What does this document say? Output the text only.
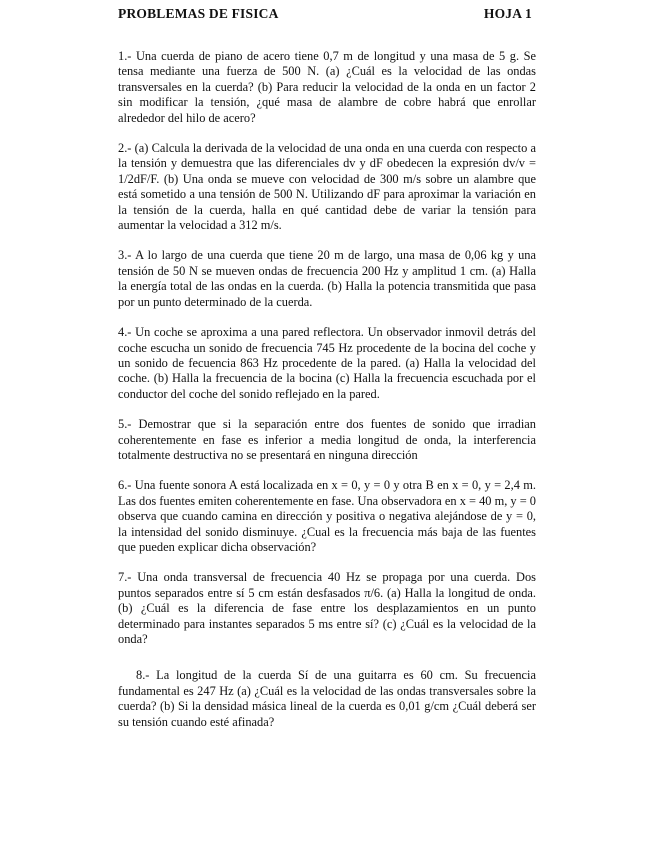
PROBLEMAS DE FISICA	HOJA 1

1.- Una cuerda de piano de acero tiene 0,7 m de longitud y una masa de 5 g. Se tensa mediante una fuerza de 500 N. (a) ¿Cuál es la velocidad de las ondas transversales en la cuerda? (b) Para reducir la velocidad de la onda en un factor 2 sin modificar la tensión, ¿qué masa de alambre de cobre habrá que enrollar alrededor del hilo de acero?

2.- (a) Calcula la derivada de la velocidad de una onda en una cuerda con respecto a la tensión y demuestra que las diferenciales dv y dF obedecen la expresión dv/v = 1/2dF/F. (b) Una onda se mueve con velocidad de 300 m/s sobre un alambre que está sometido a una tensión de 500 N. Utilizando dF para aproximar la variación en la tensión de la cuerda, halla en qué cantidad debe de variar la tensión para aumentar la velocidad a 312 m/s.

3.- A lo largo de una cuerda que tiene 20 m de largo, una masa de 0,06 kg y una tensión de 50 N se mueven ondas de frecuencia 200 Hz y amplitud 1 cm. (a) Halla la energía total de las ondas en la cuerda. (b) Halla la potencia transmitida que pasa por un punto determinado de la cuerda.

4.- Un coche se aproxima a una pared reflectora. Un observador inmovil detrás del coche escucha un sonido de frecuencia 745 Hz procedente de la bocina del coche y un sonido de fecuencia 863 Hz procedente de la pared. (a) Halla la velocidad del coche. (b) Halla la frecuencia de la bocina (c) Halla la frecuencia escuchada por el conductor del coche del sonido reflejado en la pared.

5.- Demostrar que si la separación entre dos fuentes de sonido que irradian coherentemente en fase es inferior a media longitud de onda, la interferencia totalmente destructiva no se presentará en ninguna dirección

6.- Una fuente sonora A está localizada en x = 0, y = 0 y otra B en x = 0, y = 2,4 m. Las dos fuentes emiten coherentemente en fase. Una observadora en x = 40 m, y = 0 observa que cuando camina en dirección y positiva o negativa alejándose de y = 0, la intensidad del sonido disminuye. ¿Cual es la frecuencia más baja de las fuentes que pueden explicar dicha observación?

7.- Una onda transversal de frecuencia 40 Hz se propaga por una cuerda. Dos puntos separados entre sí 5 cm están desfasados π/6. (a) Halla la longitud de onda. (b) ¿Cuál es la diferencia de fase entre los desplazamientos en un punto determinado para instantes separados 5 ms entre sí? (c) ¿Cuál es la velocidad de la onda?

8.- La longitud de la cuerda Sí de una guitarra es 60 cm. Su frecuencia fundamental es 247 Hz (a) ¿Cuál es la velocidad de las ondas transversales sobre la cuerda? (b) Si la densidad másica lineal de la cuerda es 0,01 g/cm ¿Cuál deberá ser su tensión cuando esté afinada?
